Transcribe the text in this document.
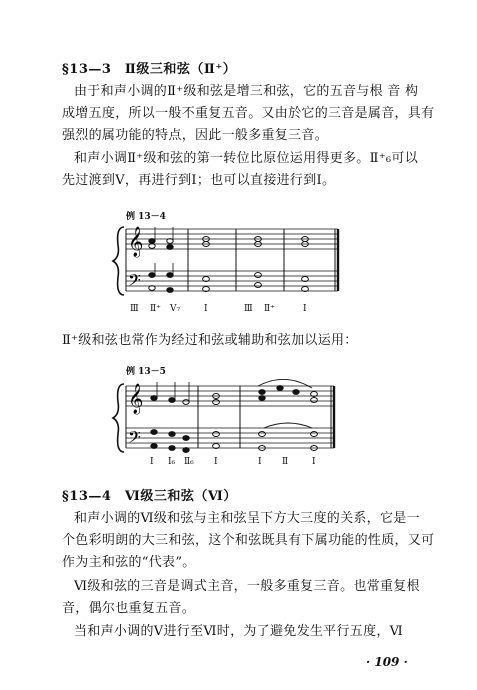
§13—3　Ⅱ级三和弦（Ⅱ⁺）
由于和声小调的Ⅱ⁺级和弦是增三和弦，它的五音与根 音 构
成增五度，所以一般不重复五音。又由於它的三音是属音，具有
强烈的属功能的特点，因此一般多重复三音。
和声小调Ⅱ⁺级和弦的第一转位比原位运用得更多。Ⅱ⁺₆可以
先过渡到Ⅴ，再进行到Ⅰ；也可以直接进行到Ⅰ。
例 13－4
𝄞
𝄢
Ⅲ Ⅱ⁺ V₇	Ⅰ	Ⅲ Ⅱ⁺	Ⅰ
Ⅱ⁺级和弦也常作为经过和弦或辅助和弦加以运用：
例 13－5
𝄞
𝄢
Ⅰ Ⅰ₆ Ⅱ₆ Ⅰ	Ⅰ Ⅱ	Ⅰ
§13—4　Ⅵ级三和弦（Ⅵ）
和声小调的Ⅵ级和弦与主和弦呈下方大三度的关系，它是一
个色彩明朗的大三和弦，这个和弦既具有下属功能的性质，又可
作为主和弦的“代表”。
Ⅵ级和弦的三音是调式主音，一般多重复三音。也常重复根
音，偶尔也重复五音。
当和声小调的Ⅴ进行至Ⅵ时，为了避免发生平行五度，Ⅵ
· 109 ·
